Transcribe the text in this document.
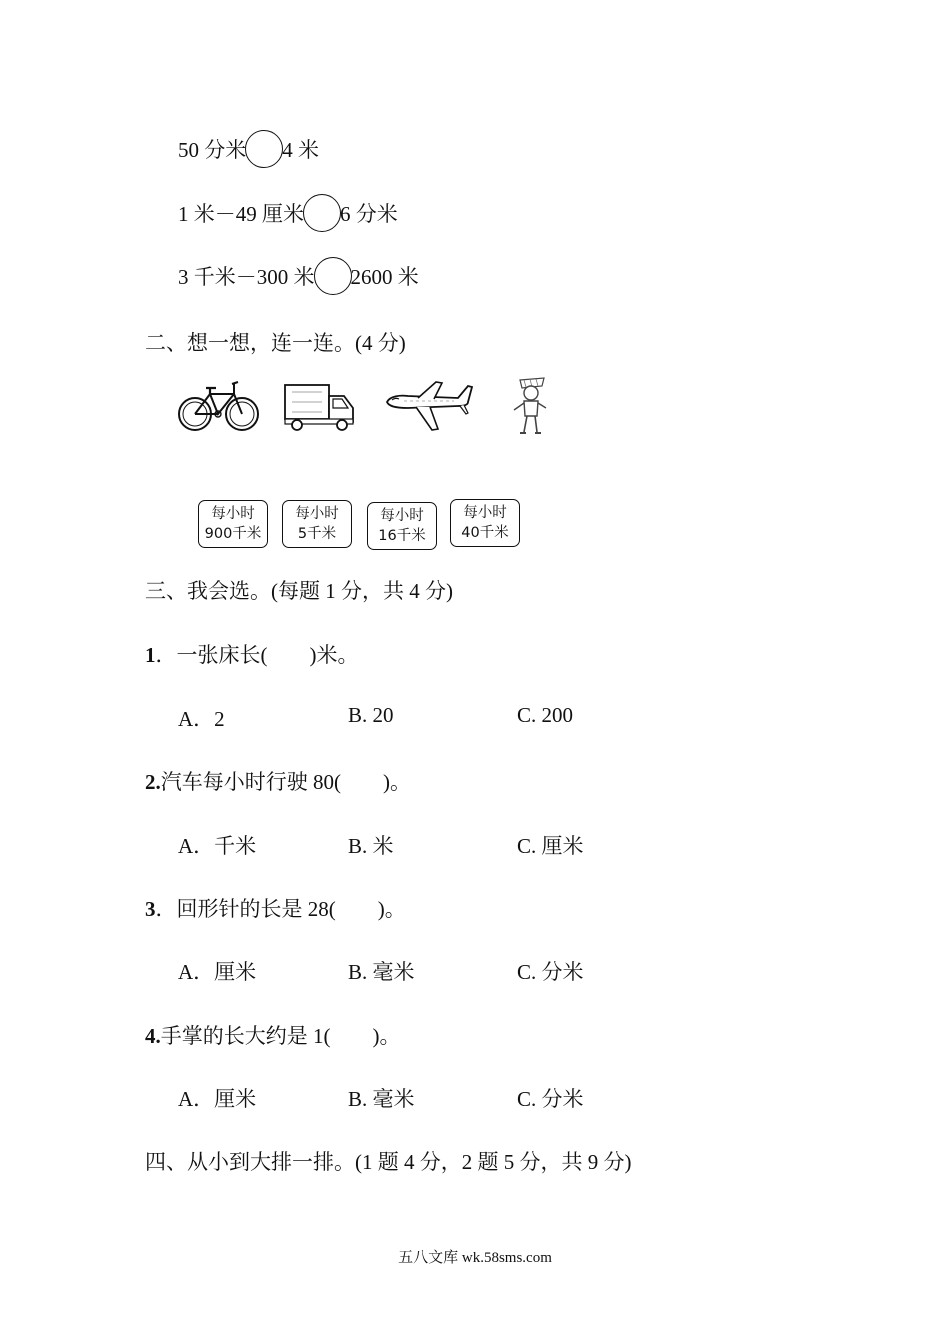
50 分米 4 米
1 米－49 厘米 6 分米
3 千米－300 米 2600 米
二、想一想，连一连。(4 分)
每小时
900千米
每小时
5千米
每小时
16千米
每小时
40千米
三、我会选。(每题 1 分，共 4 分)
1．一张床长(　　)米。
A．2	B. 20	C. 200
2.汽车每小时行驶 80(　　)。
A．千米	B. 米	C. 厘米
3．回形针的长是 28(　　)。
A．厘米	B. 毫米	C. 分米
4.手掌的长大约是 1(　　)。
A．厘米	B. 毫米	C. 分米
四、从小到大排一排。(1 题 4 分，2 题 5 分，共 9 分)
五八文库 wk.58sms.com
